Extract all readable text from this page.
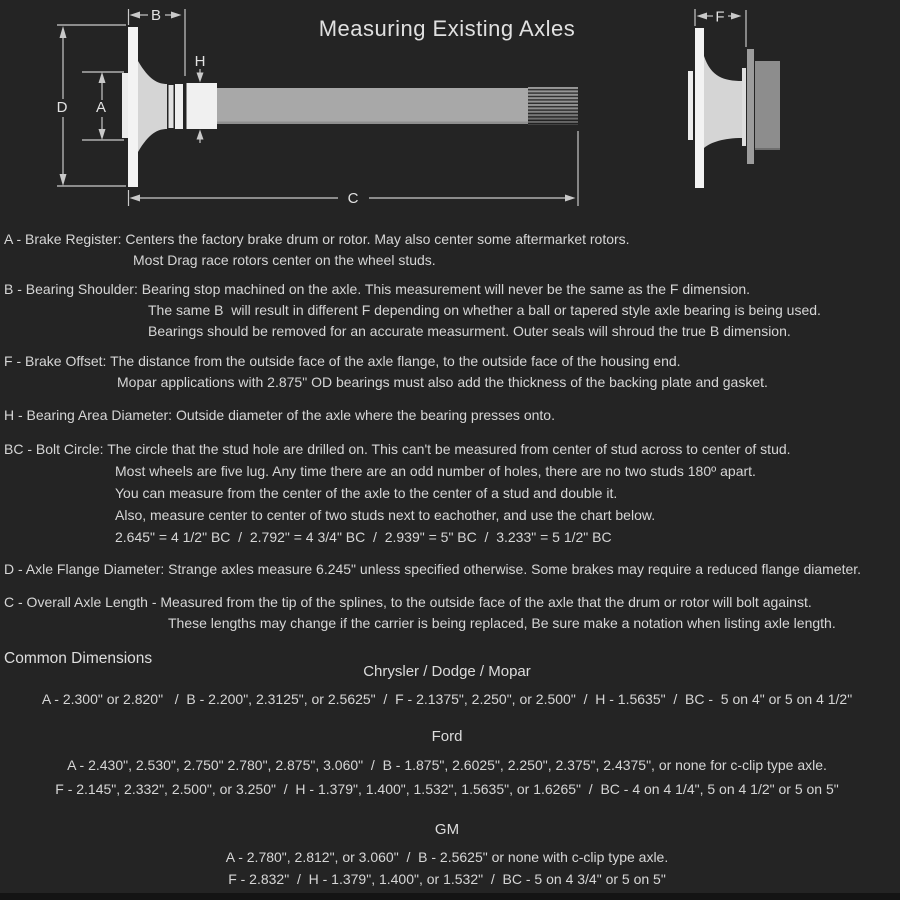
Measuring Existing Axles
D A
B
H
C
F
A - Brake Register: Centers the factory brake drum or rotor. May also center some aftermarket rotors.
Most Drag race rotors center on the wheel studs.
B - Bearing Shoulder: Bearing stop machined on the axle. This measurement will never be the same as the F dimension.
The same B  will result in different F depending on whether a ball or tapered style axle bearing is being used.
Bearings should be removed for an accurate measurment. Outer seals will shroud the true B dimension.
F - Brake Offset: The distance from the outside face of the axle flange, to the outside face of the housing end.
Mopar applications with 2.875" OD bearings must also add the thickness of the backing plate and gasket.
H - Bearing Area Diameter: Outside diameter of the axle where the bearing presses onto.
BC - Bolt Circle: The circle that the stud hole are drilled on. This can't be measured from center of stud across to center of stud.
Most wheels are five lug. Any time there are an odd number of holes, there are no two studs 180º apart.
You can measure from the center of the axle to the center of a stud and double it.
Also, measure center to center of two studs next to eachother, and use the chart below.
2.645" = 4 1/2" BC  /  2.792" = 4 3/4" BC  /  2.939" = 5" BC  /  3.233" = 5 1/2" BC
D - Axle Flange Diameter: Strange axles measure 6.245" unless specified otherwise. Some brakes may require a reduced flange diameter.
C - Overall Axle Length - Measured from the tip of the splines, to the outside face of the axle that the drum or rotor will bolt against.
These lengths may change if the carrier is being replaced, Be sure make a notation when listing axle length.
Common Dimensions
Chrysler / Dodge / Mopar
A - 2.300" or 2.820"   /  B - 2.200", 2.3125", or 2.5625"  /  F - 2.1375", 2.250", or 2.500"  /  H - 1.5635"  /  BC -  5 on 4" or 5 on 4 1/2"
Ford
A - 2.430", 2.530", 2.750" 2.780", 2.875", 3.060"  /  B - 1.875", 2.6025", 2.250", 2.375", 2.4375", or none for c-clip type axle.
F - 2.145", 2.332", 2.500", or 3.250"  /  H - 1.379", 1.400", 1.532", 1.5635", or 1.6265"  /  BC - 4 on 4 1/4", 5 on 4 1/2" or 5 on 5"
GM
A - 2.780", 2.812", or 3.060"  /  B - 2.5625" or none with c-clip type axle.
F - 2.832"  /  H - 1.379", 1.400", or 1.532"  /  BC - 5 on 4 3/4" or 5 on 5"
